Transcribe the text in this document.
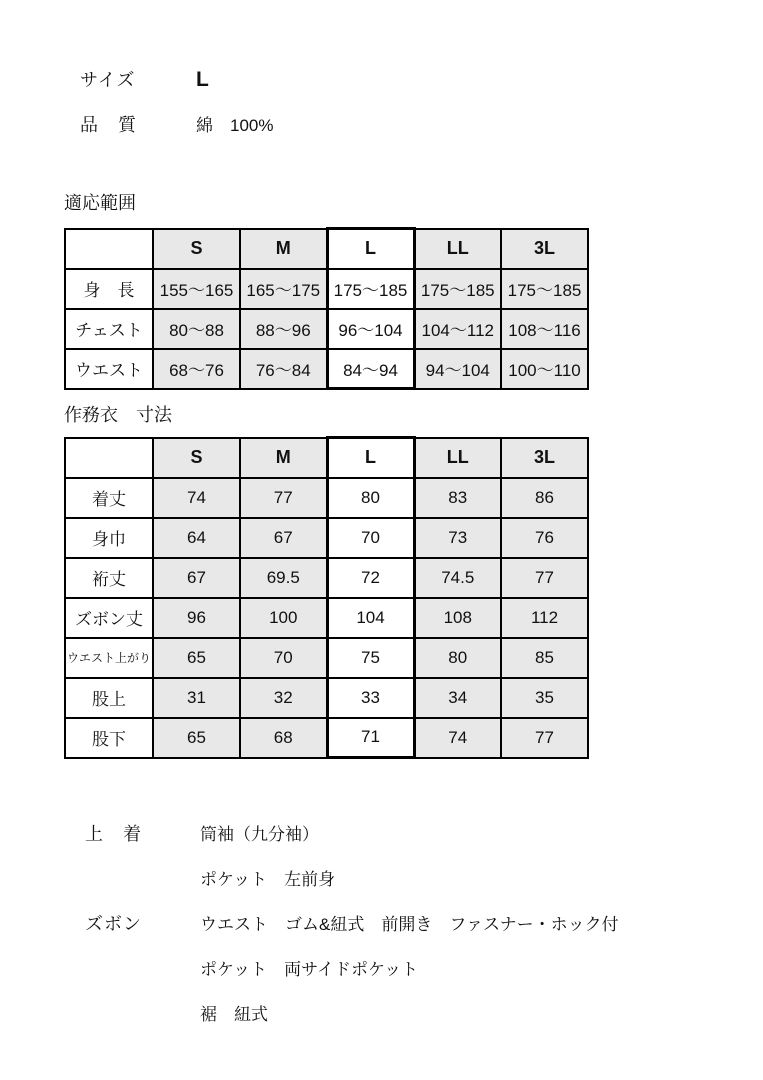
サイズ	L
品　質	綿　100%
適応範囲
	S	M	L	LL	3L
身　長	155～165	165～175	175～185	175～185	175～185
チェスト	80～88	88～96	96～104	104～112	108～116
ウエスト	68～76	76～84	84～94	94～104	100～110
作務衣　寸法
	S	M	L	LL	3L
着丈	74	77	80	83	86
身巾	64	67	70	73	76
裄丈	67	69.5	72	74.5	77
ズボン丈	96	100	104	108	112
ウエスト上がり	65	70	75	80	85
股上	31	32	33	34	35
股下	65	68	71	74	77
上　着	筒袖（九分袖）
ポケット　左前身
ズボン	ウエスト　ゴム&紐式　前開き　ファスナー・ホック付
ポケット　両サイドポケット
裾　紐式
